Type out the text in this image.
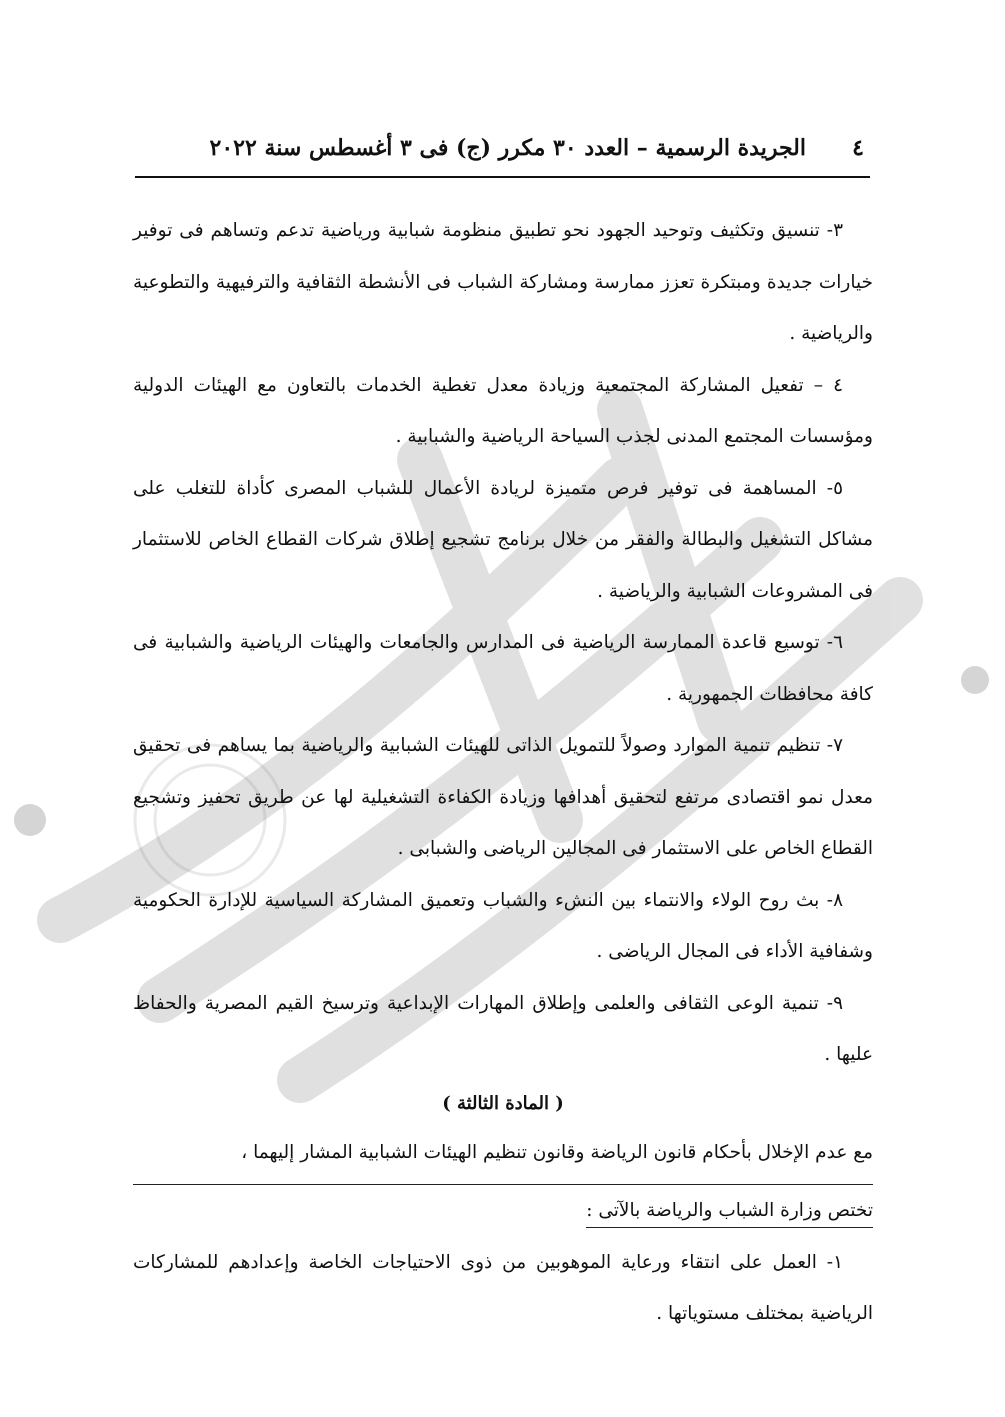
٤
الجريدة الرسمية – العدد ٣٠ مكرر (ج) فى ٣ أغسطس سنة ٢٠٢٢

٣- تنسيق وتكثيف وتوحيد الجهود نحو تطبيق منظومة شبابية ورياضية تدعم وتساهم فى توفير خيارات جديدة ومبتكرة تعزز ممارسة ومشاركة الشباب فى الأنشطة الثقافية والترفيهية والتطوعية والرياضية .

٤ – تفعيل المشاركة المجتمعية وزيادة معدل تغطية الخدمات بالتعاون مع الهيئات الدولية ومؤسسات المجتمع المدنى لجذب السياحة الرياضية والشبابية .

٥- المساهمة فى توفير فرص متميزة لريادة الأعمال للشباب المصرى كأداة للتغلب على مشاكل التشغيل والبطالة والفقر من خلال برنامج تشجيع إطلاق شركات القطاع الخاص للاستثمار فى المشروعات الشبابية والرياضية .

٦- توسيع قاعدة الممارسة الرياضية فى المدارس والجامعات والهيئات الرياضية والشبابية فى كافة محافظات الجمهورية .

٧- تنظيم تنمية الموارد وصولاً للتمويل الذاتى للهيئات الشبابية والرياضية بما يساهم فى تحقيق معدل نمو اقتصادى مرتفع لتحقيق أهدافها وزيادة الكفاءة التشغيلية لها عن طريق تحفيز وتشجيع القطاع الخاص على الاستثمار فى المجالين الرياضى والشبابى .

٨- بث روح الولاء والانتماء بين النشء والشباب وتعميق المشاركة السياسية للإدارة الحكومية وشفافية الأداء فى المجال الرياضى .

٩- تنمية الوعى الثقافى والعلمى وإطلاق المهارات الإبداعية وترسيخ القيم المصرية والحفاظ عليها .

( المادة الثالثة )

مع عدم الإخلال بأحكام قانون الرياضة وقانون تنظيم الهيئات الشبابية المشار إليهما ،

تختص وزارة الشباب والرياضة بالآتى :

١- العمل على انتقاء ورعاية الموهوبين من ذوى الاحتياجات الخاصة وإعدادهم للمشاركات الرياضية بمختلف مستوياتها .
